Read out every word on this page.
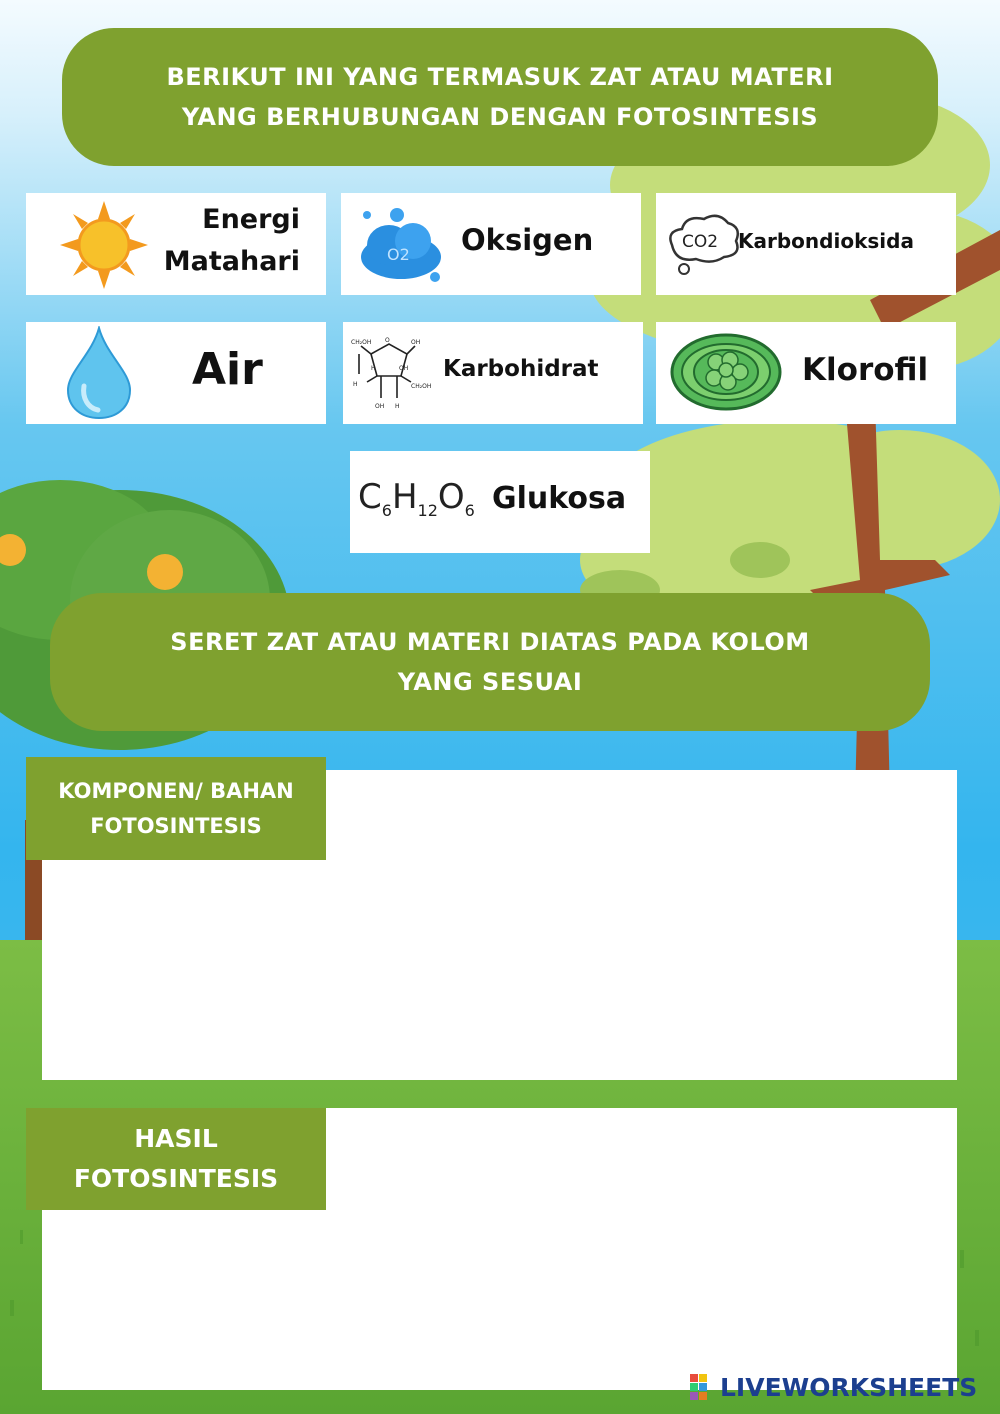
BERIKUT INI YANG TERMASUK ZAT ATAU MATERI
YANG BERHUBUNGAN DENGAN FOTOSINTESIS
Energi
Matahari	O2 Oksigen	CO2 Karbondioksida
Air
CH₂OH	OH
O
H
H	OH
CH₂OH
OH H
Karbohidrat	Klorofil
$C_6H_{12}O_6$ Glukosa
SERET ZAT ATAU MATERI DIATAS PADA KOLOM
YANG SESUAI
KOMPONEN/ BAHAN
FOTOSINTESIS
HASIL
FOTOSINTESIS
LIVEWORKSHEETS
